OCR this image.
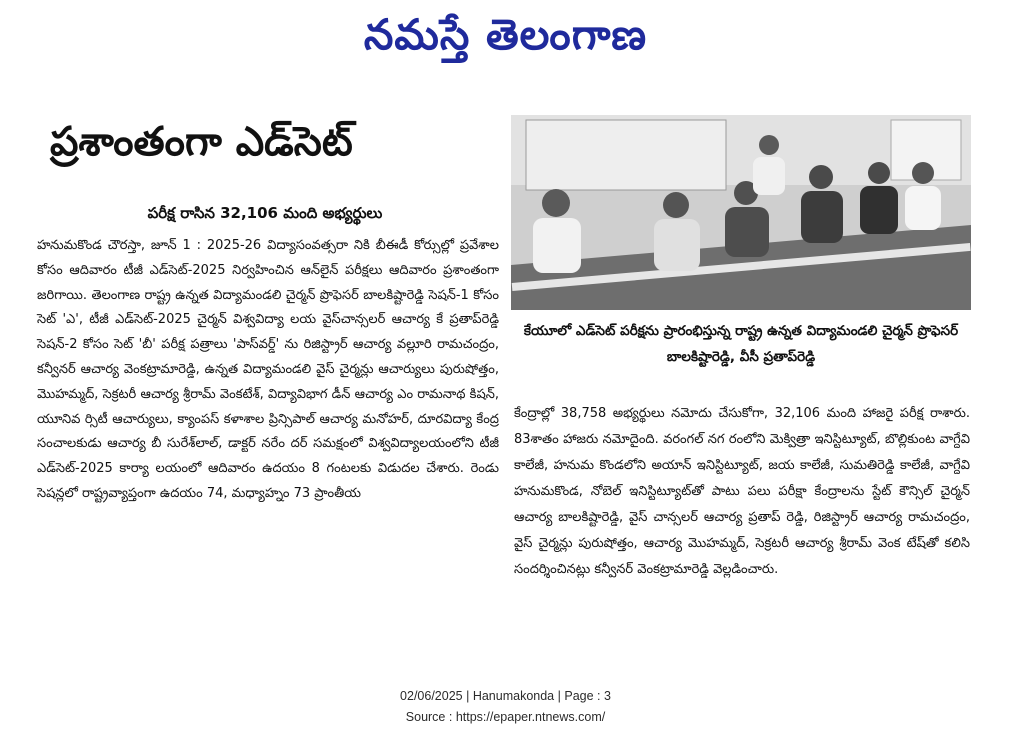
నమస్తే తెలంగాణ
ప్రశాంతంగా ఎడ్‌సెట్
పరీక్ష రాసిన 32,106 మంది అభ్యర్థులు
హనుమకొండ చౌరస్తా, జూన్ 1 : 2025-26 విద్యాసంవత్సరా నికి బీఈడీ కోర్సుల్లో ప్రవేశాల కోసం ఆదివారం టీజీ ఎడ్‌సెట్-2025 నిర్వహించిన ఆన్‌లైన్ పరీక్షలు ఆదివారం ప్రశాంతంగా జరిగాయి. తెలంగాణ రాష్ట్ర ఉన్నత విద్యామండలి చైర్మన్ ప్రొఫెసర్ బాలకిష్టారెడ్డి సెషన్-1 కోసం సెట్ 'ఎ', టీజీ ఎడ్‌సెట్-2025 చైర్మన్ విశ్వవిద్యా లయ వైస్‌చాన్సలర్ ఆచార్య కే ప్రతాప్‌రెడ్డి సెషన్-2 కోసం సెట్ 'బీ' పరీక్ష పత్రాలు 'పాస్‌వర్డ్' ను రిజిస్ట్రార్ ఆచార్య వల్లూరి రామచంద్రం, కన్వీనర్ ఆచార్య వెంకట్రామారెడ్డి, ఉన్నత విద్యామండలి వైస్ చైర్మన్లు ఆచార్యులు పురుషోత్తం, మొహమ్మద్, సెక్రటరీ ఆచార్య శ్రీరామ్ వెంకటేశ్, విద్యావిభాగ డీన్ ఆచార్య ఎం రామనాథ కిషన్, యూనివ ర్సిటీ ఆచార్యులు, క్యాంపస్ కళాశాల ప్రిన్సిపాల్ ఆచార్య మనోహర్, దూరవిద్యా కేంద్ర సంచాలకుడు ఆచార్య బీ సురేశ్‌లాల్, డాక్టర్ నరేం దర్ సమక్షంలో విశ్వవిద్యాలయంలోని టీజీ ఎడ్‌సెట్-2025 కార్యా లయంలో ఆదివారం ఉదయం 8 గంటలకు విడుదల చేశారు. రెండు సెషన్లలో రాష్ట్రవ్యాప్తంగా ఉదయం 74, మధ్యాహ్నం 73 ప్రాంతీయ
కేయూలో ఎడ్‌సెట్ పరీక్షను ప్రారంభిస్తున్న రాష్ట్ర ఉన్నత విద్యామండలి చైర్మన్ ప్రొఫెసర్ బాలకిష్టారెడ్డి, వీసీ ప్రతాప్‌రెడ్డి
కేంద్రాల్లో 38,758 అభ్యర్థులు నమోదు చేసుకోగా, 32,106 మంది హాజరై పరీక్ష రాశారు. 83శాతం హాజరు నమోదైంది. వరంగల్ నగ రంలోని మెక్విత్రా ఇనిస్టిట్యూట్, బొల్లికుంట వాగ్దేవి కాలేజీ, హనుమ కొండలోని అయాన్ ఇనిస్టిట్యూట్, జయ కాలేజీ, సుమతిరెడ్డి కాలేజీ, వాగ్దేవి హనుమకొండ, నోబెల్ ఇనిస్టిట్యూట్‌తో పాటు పలు పరీక్షా కేంద్రాలను స్టేట్ కౌన్సిల్ చైర్మన్ ఆచార్య బాలకిష్టారెడ్డి, వైస్ చాన్సలర్ ఆచార్య ప్రతాప్ రెడ్డి, రిజిస్ట్రార్ ఆచార్య రామచంద్రం, వైస్ చైర్మన్లు పురుషోత్తం, ఆచార్య మొహమ్మద్, సెక్రటరీ ఆచార్య శ్రీరామ్ వెంక టేష్‌తో కలిసి సందర్శించినట్లు కన్వీనర్ వెంకట్రామారెడ్డి వెల్లడించారు.
02/06/2025 | Hanumakonda | Page : 3
Source : https://epaper.ntnews.com/
